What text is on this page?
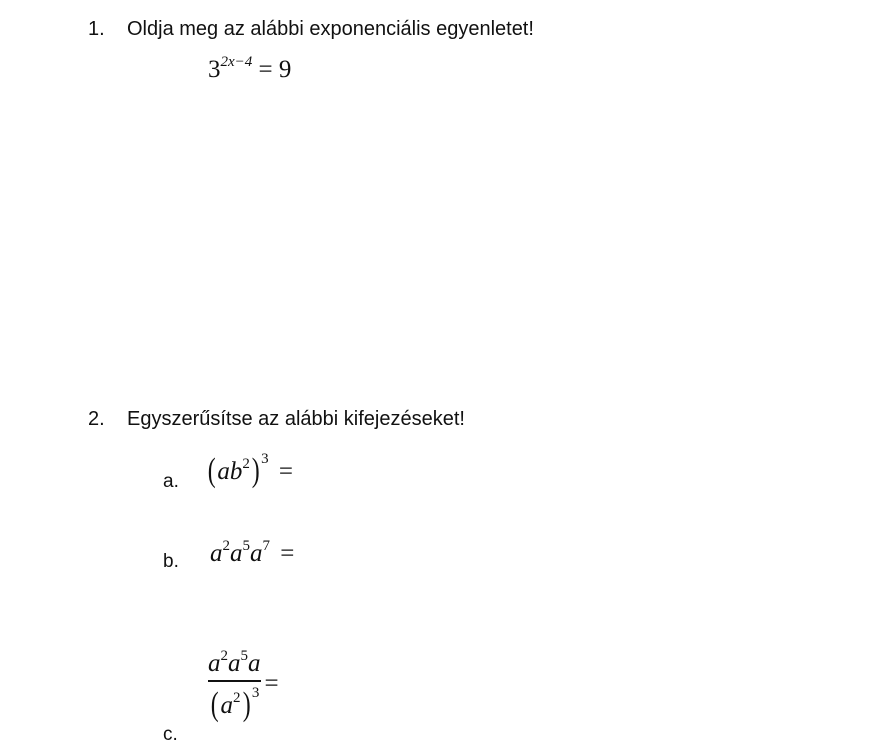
1. Oldja meg az alábbi exponenciális egyenletet!
$3^{2x-4} = 9$
2. Egyszerűsítse az alábbi kifejezéseket!
a. $(ab^2) ^3$ =
b. $a^2a^5a^7$ =
$\frac{a^2a^5a}{(a^2) ^3}$ =
c.
